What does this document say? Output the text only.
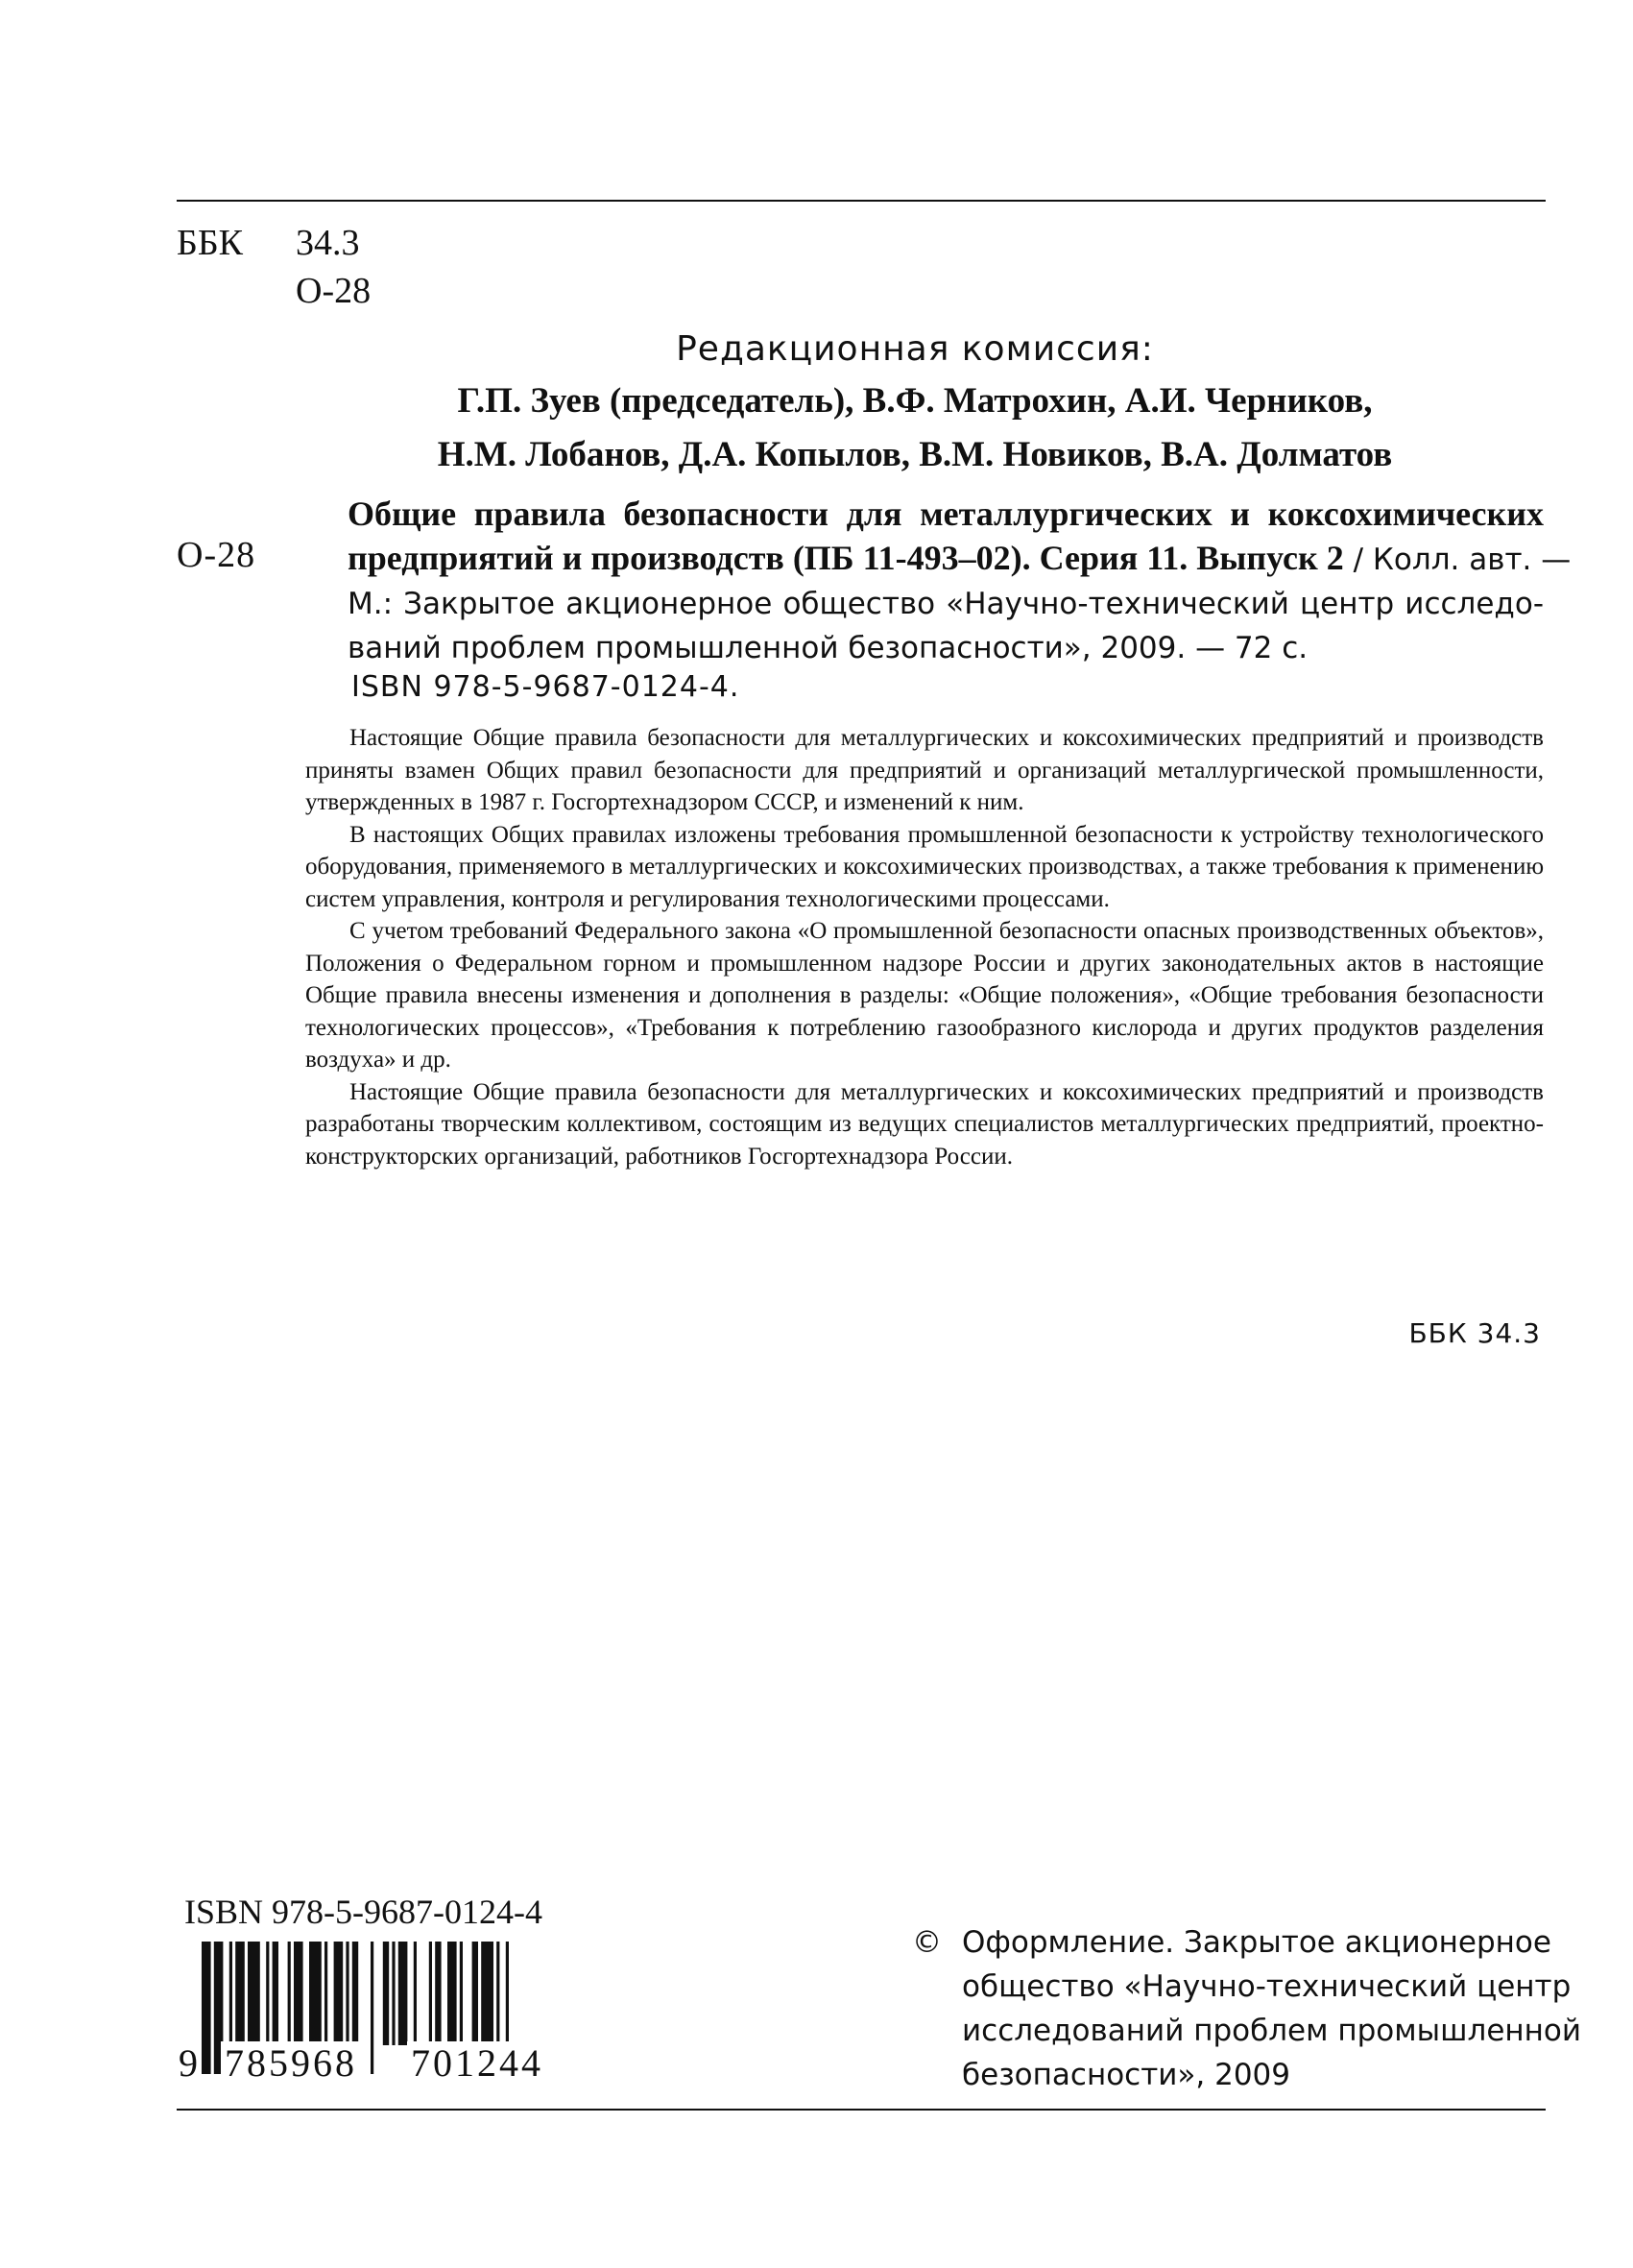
ББК	34.3
О-28
Редакционная комиссия:
Г.П. Зуев (председатель), В.Ф. Матрохин, А.И. Черников,
Н.М. Лобанов, Д.А. Копылов, В.М. Новиков, В.А. Долматов
О-28
Общие правила безопасности для металлургических и коксохимических
предприятий и производств (ПБ 11-493–02). Серия 11. Выпуск 2 / Колл. авт. —
М.: Закрытое акционерное общество «Научно-технический центр исследо-
ваний проблем промышленной безопасности», 2009. — 72 с.
ISBN 978-5-9687-0124-4.

Настоящие Общие правила безопасности для металлургических и коксохимических предприятий и производств приняты взамен Общих правил безопасности для предприятий и организаций металлургической промышленности, утвержденных в 1987 г. Госгортехнадзором СССР, и изменений к ним.

В настоящих Общих правилах изложены требования промышленной безопасности к устройству технологического оборудования, применяемого в металлургических и коксохимических производствах, а также требования к применению систем управления, контроля и регулирования технологическими процессами.

С учетом требований Федерального закона «О промышленной безопасности опасных производственных объектов», Положения о Федеральном горном и промышленном надзоре России и других законодательных актов в настоящие Общие правила внесены изменения и дополнения в разделы: «Общие положения», «Общие требования безопасности технологических процессов», «Требования к потреблению газообразного кислорода и других продуктов разделения воздуха» и др.

Настоящие Общие правила безопасности для металлургических и коксохимических предприятий и производств разработаны творческим коллективом, состоящим из ведущих специалистов металлургических предприятий, проектно-конструкторских организаций, работников Госгортехнадзора России.

ББК 34.3
ISBN 978-5-9687-0124-4
9 785968 701244
© Оформление. Закрытое акционерное
общество «Научно-технический центр
исследований проблем промышленной
безопасности», 2009
